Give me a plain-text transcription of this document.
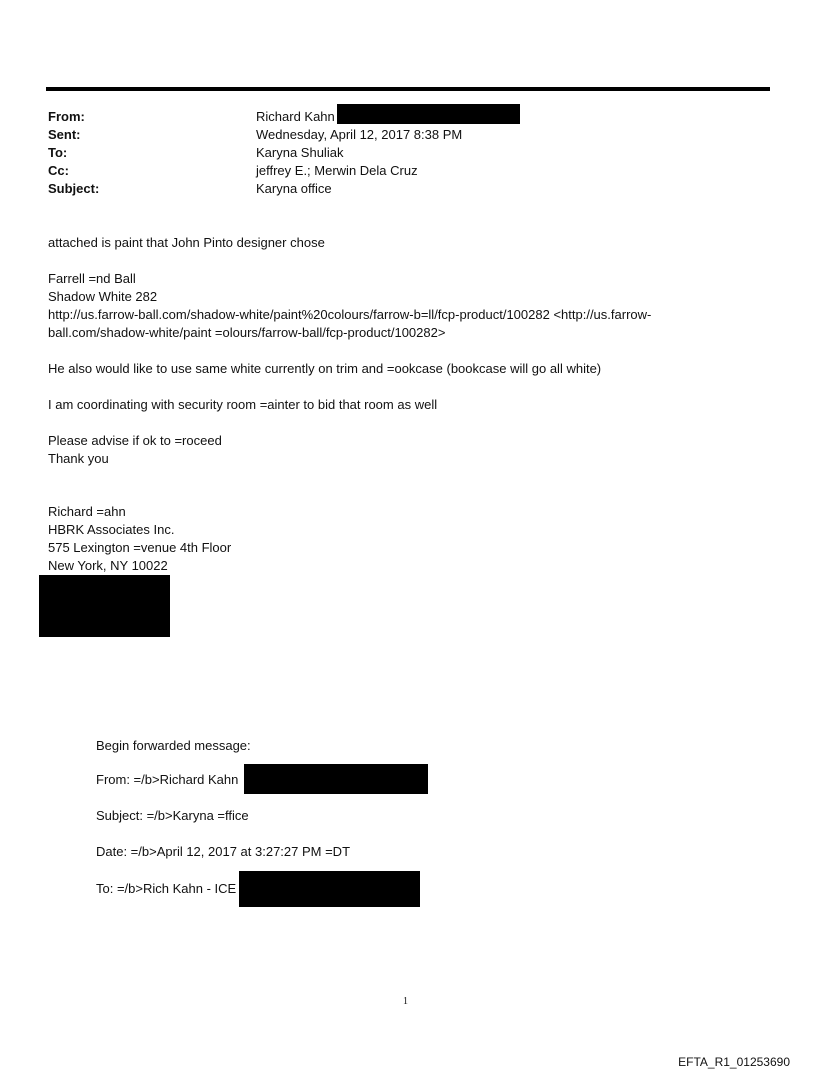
From:
Sent:
To:
Cc:
Subject:
Richard Kahn
Wednesday, April 12, 2017 8:38 PM
Karyna Shuliak
jeffrey E.; Merwin Dela Cruz
Karyna office
attached is paint that John Pinto designer chose
Farrell =nd Ball
Shadow White 282
http://us.farrow-ball.com/shadow-white/paint%20colours/farrow-b=ll/fcp-product/100282 <http://us.farrow-
ball.com/shadow-white/paint =olours/farrow-ball/fcp-product/100282>
He also would like to use same white currently on trim and =ookcase (bookcase will go all white)
I am coordinating with security room =ainter to bid that room as well
Please advise if ok to =roceed
Thank you
Richard =ahn
HBRK Associates Inc.
575 Lexington =venue 4th Floor
New York, NY 10022
Begin forwarded message:
From: =/b>Richard Kahn
Subject: =/b>Karyna =ffice
Date: =/b>April 12, 2017 at 3:27:27 PM =DT
To: =/b>Rich Kahn - ICE
1
EFTA_R1_01253690
